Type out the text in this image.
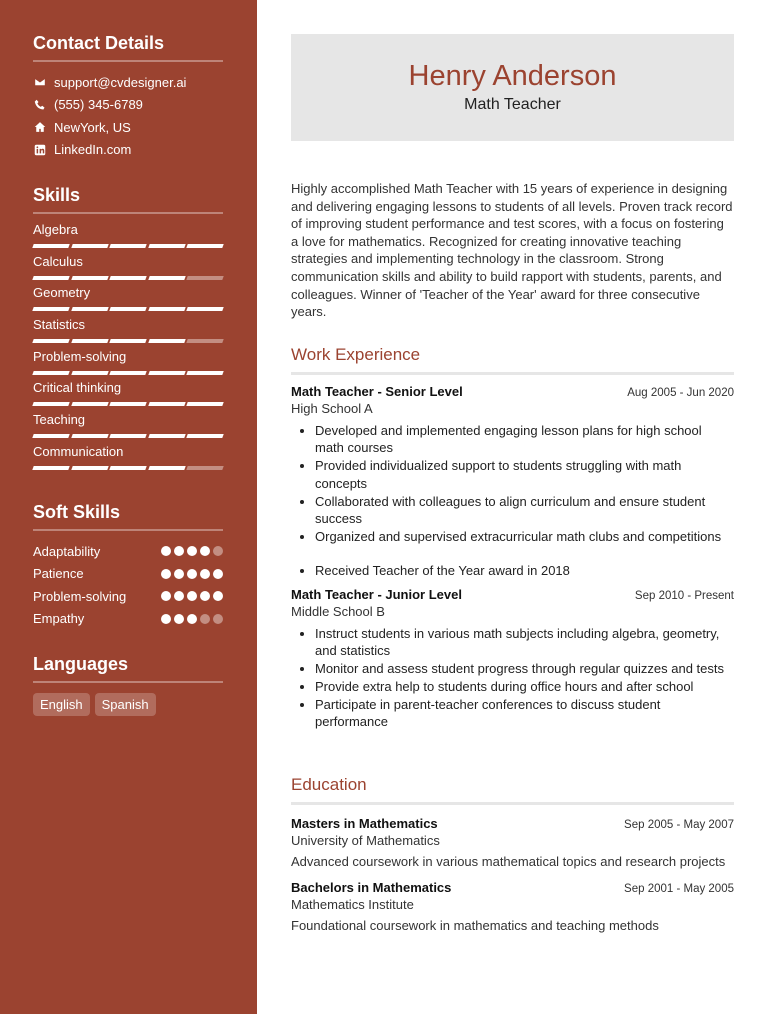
Contact Details
support@cvdesigner.ai
(555) 345-6789
NewYork, US
LinkedIn.com
Skills
Algebra
Calculus
Geometry
Statistics
Problem-solving
Critical thinking
Teaching
Communication
Soft Skills
Adaptability
Patience
Problem-solving
Empathy
Languages
English	Spanish
Henry Anderson
Math Teacher
Highly accomplished Math Teacher with 15 years of experience in designing and delivering engaging lessons to students of all levels. Proven track record of improving student performance and test scores, with a focus on fostering a love for mathematics. Recognized for creating innovative teaching strategies and implementing technology in the classroom. Strong communication skills and ability to build rapport with students, parents, and colleagues. Winner of 'Teacher of the Year' award for three consecutive years.
Work Experience
Math Teacher - Senior Level	Aug 2005 - Jun 2020
High School A
• Developed and implemented engaging lesson plans for high school math courses
• Provided individualized support to students struggling with math concepts
• Collaborated with colleagues to align curriculum and ensure student success
• Organized and supervised extracurricular math clubs and competitions
• Received Teacher of the Year award in 2018
Math Teacher - Junior Level	Sep 2010 - Present
Middle School B
• Instruct students in various math subjects including algebra, geometry, and statistics
• Monitor and assess student progress through regular quizzes and tests
• Provide extra help to students during office hours and after school
• Participate in parent-teacher conferences to discuss student performance
Education
Masters in Mathematics	Sep 2005 - May 2007
University of Mathematics
Advanced coursework in various mathematical topics and research projects
Bachelors in Mathematics	Sep 2001 - May 2005
Mathematics Institute
Foundational coursework in mathematics and teaching methods
